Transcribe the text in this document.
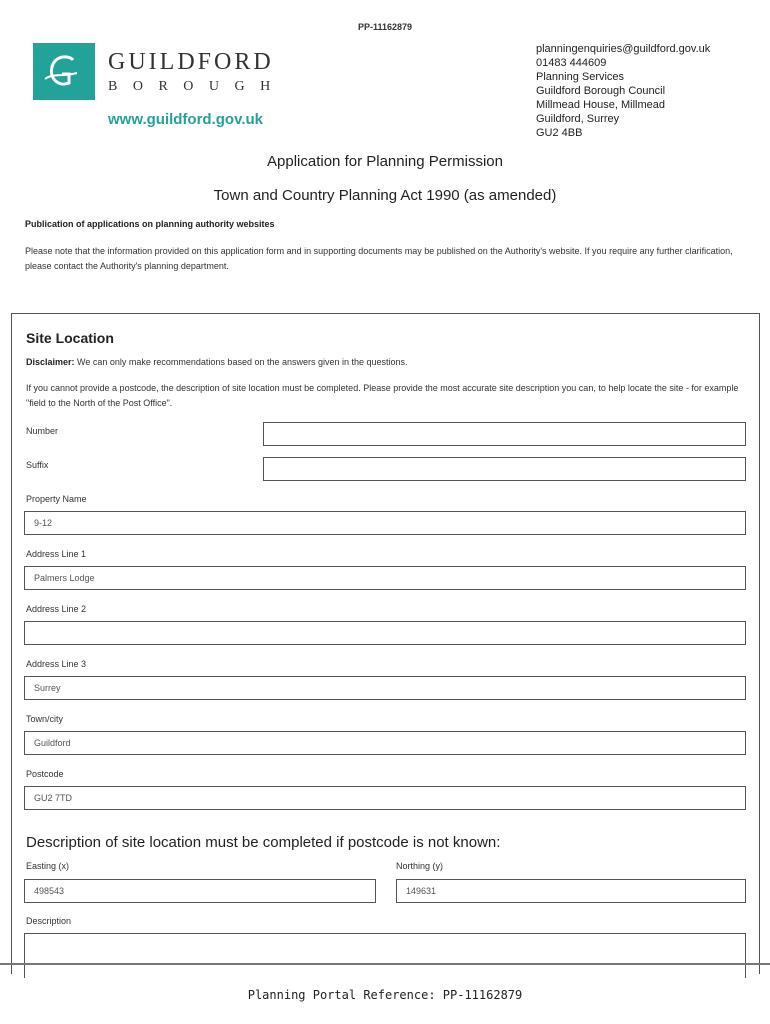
PP-11162879
GUILDFORD
BOROUGH
www.guildford.gov.uk
planningenquiries@guildford.gov.uk
01483 444609
Planning Services
Guildford Borough Council
Millmead House, Millmead
Guildford, Surrey
GU2 4BB
Application for Planning Permission
Town and Country Planning Act 1990 (as amended)
Publication of applications on planning authority websites
Please note that the information provided on this application form and in supporting documents may be published on the Authority's website. If you require any further clarification, please contact the Authority's planning department.
Site Location
Disclaimer: We can only make recommendations based on the answers given in the questions.
If you cannot provide a postcode, the description of site location must be completed. Please provide the most accurate site description you can, to help locate the site - for example "field to the North of the Post Office".
Number
Suffix
Property Name
9-12
Address Line 1
Palmers Lodge
Address Line 2
Address Line 3
Surrey
Town/city
Guildford
Postcode
GU2 7TD
Description of site location must be completed if postcode is not known:
Easting (x)
498543
Northing (y)
149631
Description
Planning Portal Reference: PP-11162879
